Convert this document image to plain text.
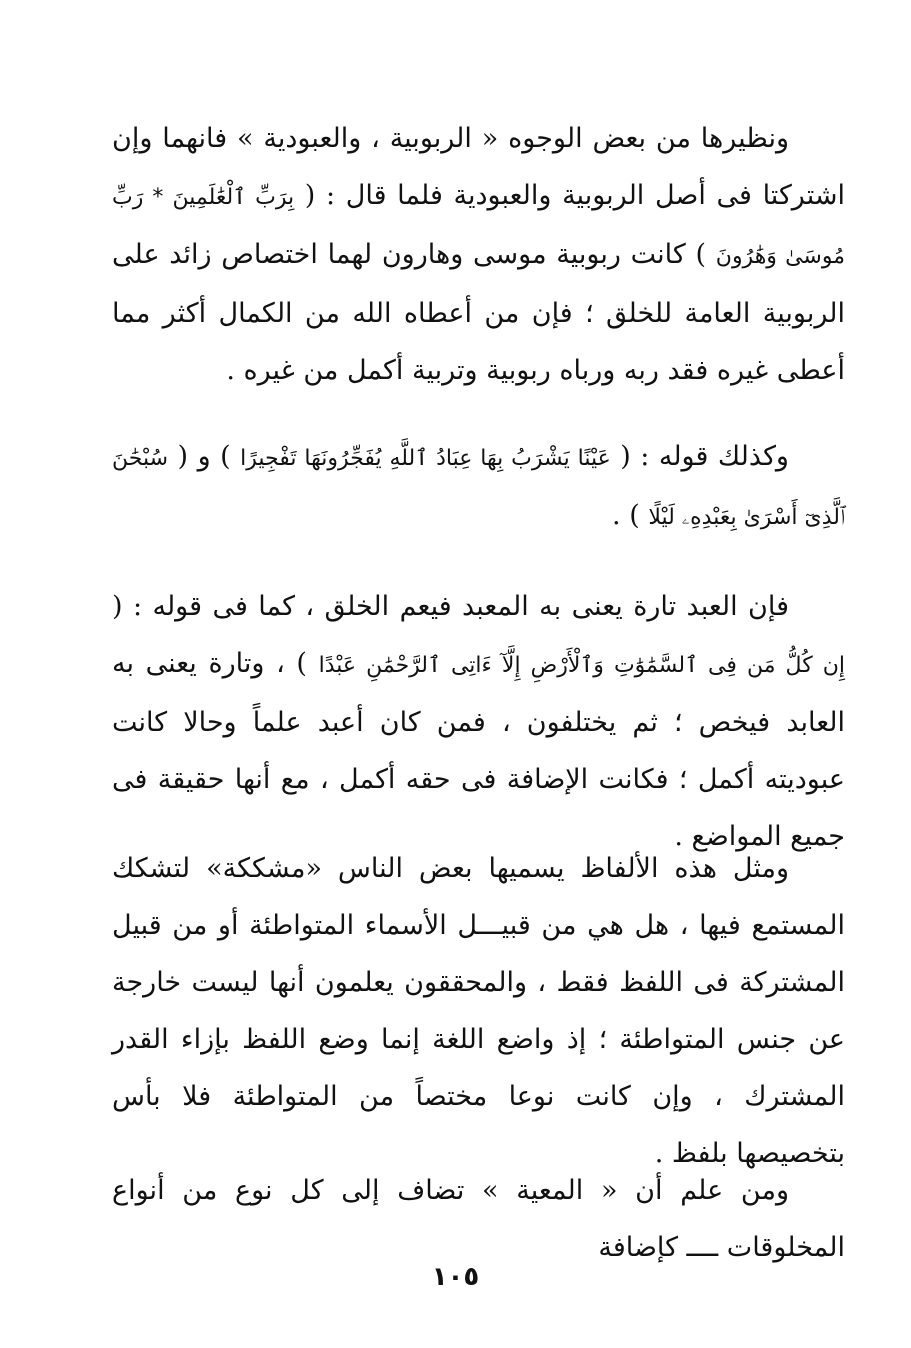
ونظيرها من بعض الوجوه « الربوبية ، والعبودية » فانهما وإن اشتركتا فى أصل الربوبية والعبودية فلما قال : ( بِرَبِّ ٱلْعَٰلَمِينَ * رَبِّ مُوسَىٰ وَهَٰرُونَ ) كانت ربوبية موسى وهارون لهما اختصاص زائد على الربوبية العامة للخلق ؛ فإن من أعطاه الله من الكمال أكثر مما أعطى غيره فقد ربه ورباه ربوبية وتربية أكمل من غيره .

وكذلك قوله : ( عَيْنًا يَشْرَبُ بِهَا عِبَادُ ٱللَّهِ يُفَجِّرُونَهَا تَفْجِيرًا ) و ( سُبْحَٰنَ ٱلَّذِىٓ أَسْرَىٰ بِعَبْدِهِۦ لَيْلًا ) .

فإن العبد تارة يعنى به المعبد فيعم الخلق ، كما فى قوله : ( إِن كُلُّ مَن فِى ٱلسَّمَٰوَٰتِ وَٱلْأَرْضِ إِلَّآ ءَاتِى ٱلرَّحْمَٰنِ عَبْدًا ) ، وتارة يعنى به العابد فيخص ؛ ثم يختلفون ، فمن كان أعبد علماً وحالا كانت عبوديته أكمل ؛ فكانت الإضافة فى حقه أكمل ، مع أنها حقيقة فى جميع المواضع .

ومثل هذه الألفاظ يسميها بعض الناس «مشككة» لتشكك المستمع فيها ، هل هي من قبيـــل الأسماء المتواطئة أو من قبيل المشتركة فى اللفظ فقط ، والمحققون يعلمون أنها ليست خارجة عن جنس المتواطئة ؛ إذ واضع اللغة إنما وضع اللفظ بإزاء القدر المشترك ، وإن كانت نوعا مختصاً من المتواطئة فلا بأس بتخصيصها بلفظ .

ومن علم أن « المعية » تضاف إلى كل نوع من أنواع المخلوقات ــــ كإضافة

١٠٥
